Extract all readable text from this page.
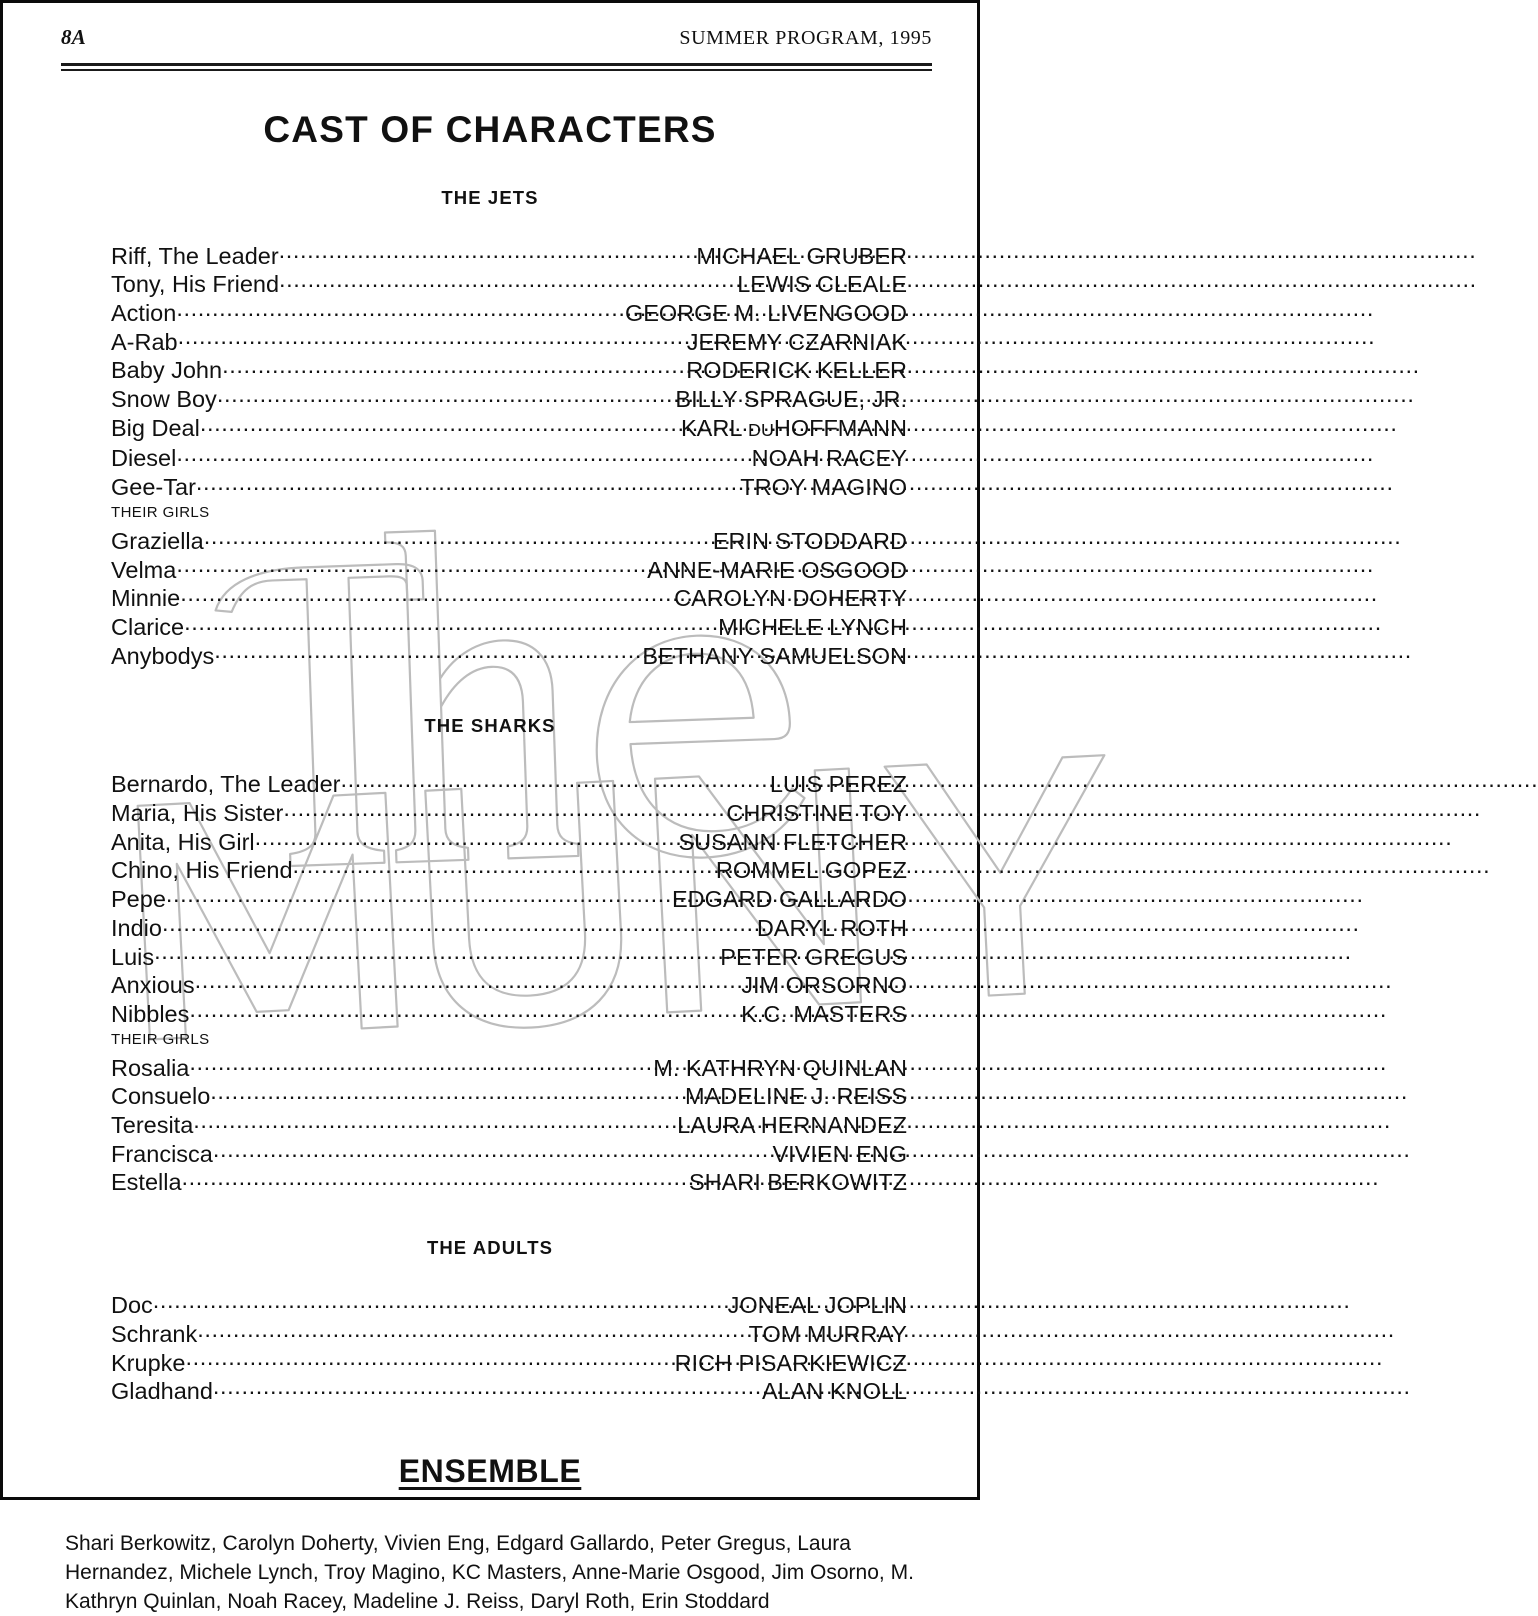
8A	SUMMER PROGRAM, 1995
CAST OF CHARACTERS
THE JETS
Riff, The Leader .....	MICHAEL GRUBER
Tony, His Friend .....	LEWIS CLEALE
Action .....	GEORGE M. LIVENGOOD
A-Rab .....	JEREMY CZARNIAK
Baby John .....	RODERICK KELLER
Snow Boy .....	BILLY SPRAGUE, JR.
Big Deal .....	KARL DUHOFFMANN
Diesel .....	NOAH RACEY
Gee-Tar .....	TROY MAGINO
THEIR GIRLS
Graziella .....	ERIN STODDARD
Velma .....	ANNE-MARIE OSGOOD
Minnie .....	CAROLYN DOHERTY
Clarice .....	MICHELE LYNCH
Anybodys .....	BETHANY SAMUELSON
THE SHARKS
Bernardo, The Leader .....	LUIS PEREZ
Maria, His Sister .....	CHRISTINE TOY
Anita, His Girl .....	SUSANN FLETCHER
Chino, His Friend .....	ROMMEL GOPEZ
Pepe .....	EDGARD GALLARDO
Indio .....	DARYL ROTH
Luis .....	PETER GREGUS
Anxious .....	JIM ORSORNO
Nibbles .....	K.C. MASTERS
THEIR GIRLS
Rosalia .....	M. KATHRYN QUINLAN
Consuelo .....	MADELINE J. REISS
Teresita .....	LAURA HERNANDEZ
Francisca .....	VIVIEN ENG
Estella .....	SHARI BERKOWITZ
THE ADULTS
Doc .....	JONEAL JOPLIN
Schrank .....	TOM MURRAY
Krupke .....	RICH PISARKIEWICZ
Gladhand .....	ALAN KNOLL
ENSEMBLE
Shari Berkowitz, Carolyn Doherty, Vivien Eng, Edgard Gallardo, Peter Gregus, Laura Hernandez, Michele Lynch, Troy Magino, KC Masters, Anne-Marie Osgood, Jim Osorno, M. Kathryn Quinlan, Noah Racey, Madeline J. Reiss, Daryl Roth, Erin Stoddard
